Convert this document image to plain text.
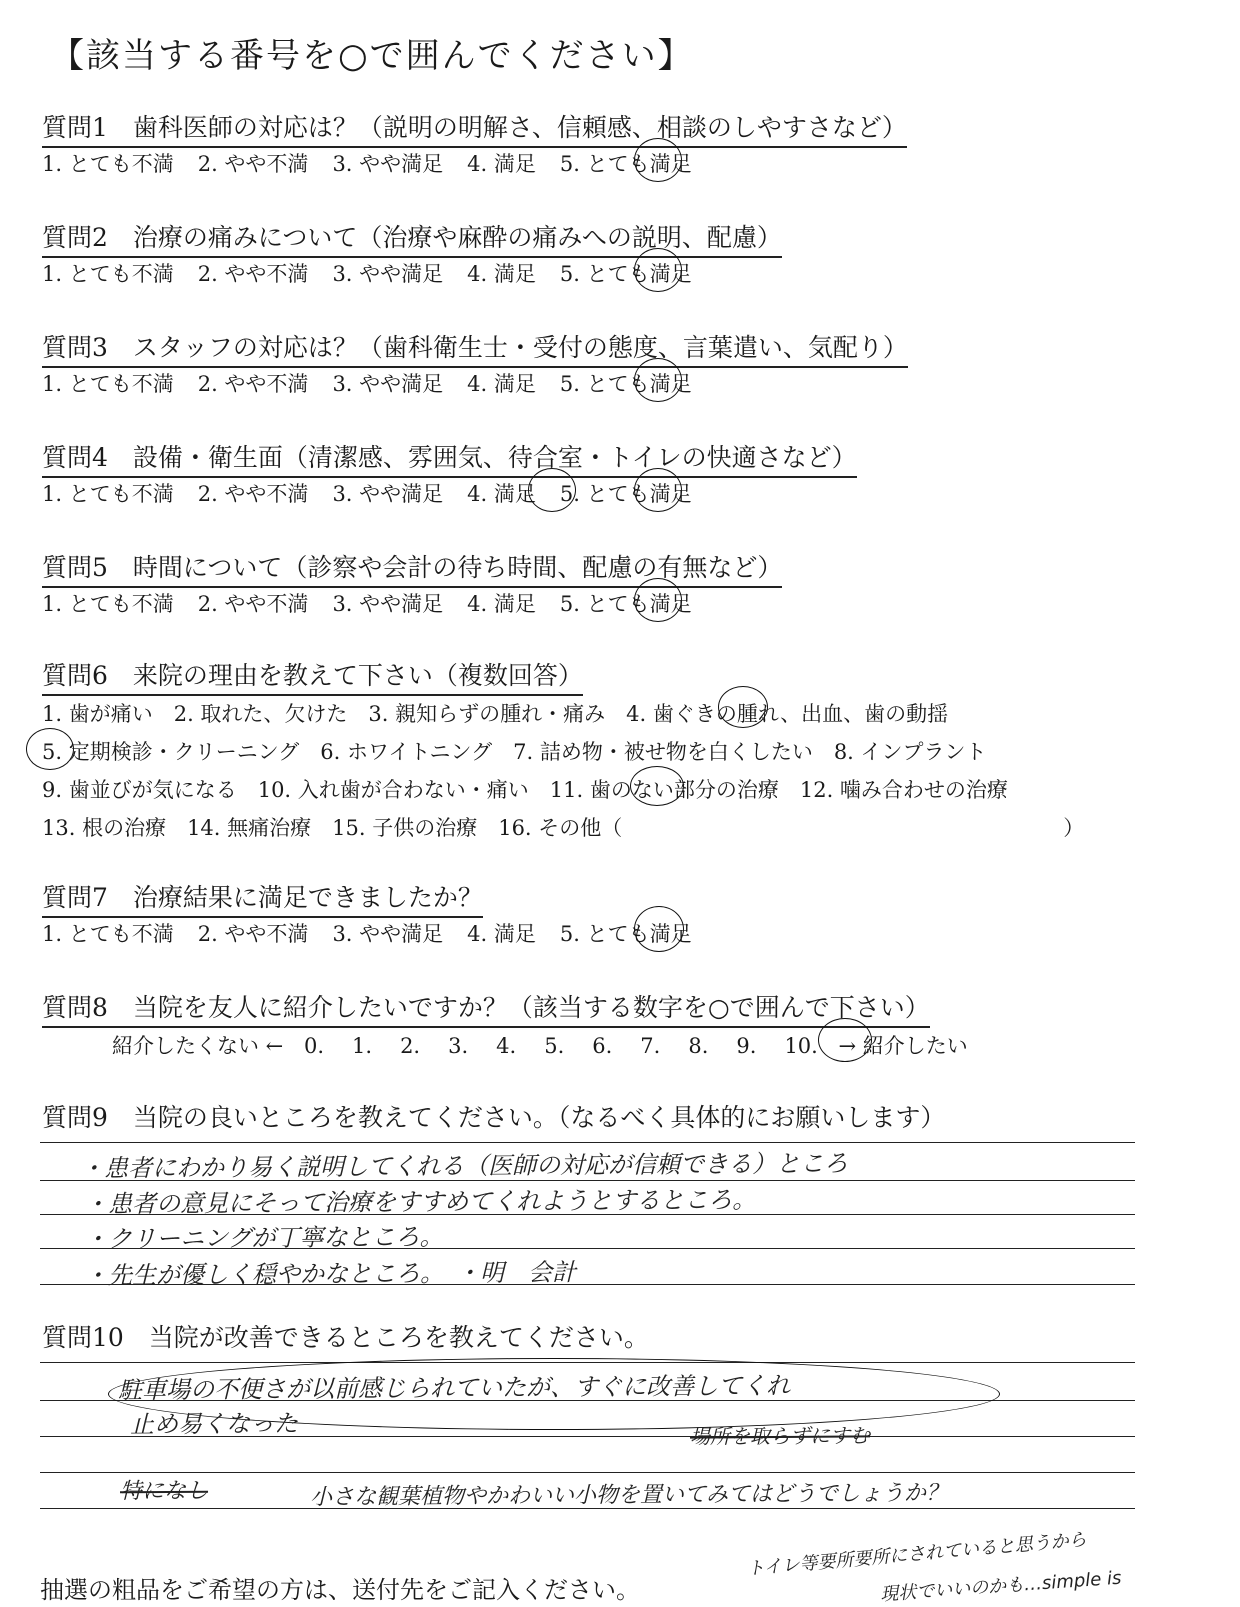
【該当する番号を○で囲んでください】
質問1　歯科医師の対応は？（説明の明解さ、信頼感、相談のしやすさなど）
1. とても不満 2. やや不満 3. やや満足 4. 満足 5. とても満足
質問2　治療の痛みについて（治療や麻酔の痛みへの説明、配慮）
1. とても不満 2. やや不満 3. やや満足 4. 満足 5. とても満足
質問3　スタッフの対応は？（歯科衛生士・受付の態度、言葉遣い、気配り）
1. とても不満 2. やや不満 3. やや満足 4. 満足 5. とても満足
質問4　設備・衛生面（清潔感、雰囲気、待合室・トイレの快適さなど）
1. とても不満 2. やや不満 3. やや満足 4. 満足 5. とても満足
質問5　時間について（診察や会計の待ち時間、配慮の有無など）
1. とても不満 2. やや不満 3. やや満足 4. 満足 5. とても満足
質問6　来院の理由を教えて下さい（複数回答）
1. 歯が痛い　2. 取れた、欠けた　3. 親知らずの腫れ・痛み　4. 歯ぐきの腫れ、出血、歯の動揺
5. 定期検診・クリーニング　6. ホワイトニング　7. 詰め物・被せ物を白くしたい　8. インプラント
9. 歯並びが気になる　10. 入れ歯が合わない・痛い　11. 歯のない部分の治療　12. 噛み合わせの治療
13. 根の治療　14. 無痛治療　15. 子供の治療　16. その他（　　　　　　　　　　　　　　　　　　　　　）
質問7　治療結果に満足できましたか？
1. とても不満 2. やや不満 3. やや満足 4. 満足 5. とても満足
質問8　当院を友人に紹介したいですか？（該当する数字を○で囲んで下さい）
紹介したくない ← 0. 1. 2. 3. 4. 5. 6. 7. 8. 9. 10. → 紹介したい
質問9　当院の良いところを教えてください。（なるべく具体的にお願いします）
・患者にわかり易く説明してくれる（医師の対応が信頼できる）ところ
・患者の意見にそって治療をすすめてくれようとするところ。
・クリーニングが丁寧なところ。
・先生が優しく穏やかなところ。　・明　会計
質問10　当院が改善できるところを教えてください。
駐車場の不便さが以前感じられていたが、すぐに改善してくれ
止め易くなった	場所を取らずにすむ
特になし	小さな観葉植物やかわいい小物を置いてみてはどうでしょうか？
トイレ等要所要所にされていると思うから
現状でいいのかも…simple is
抽選の粗品をご希望の方は、送付先をご記入ください。
